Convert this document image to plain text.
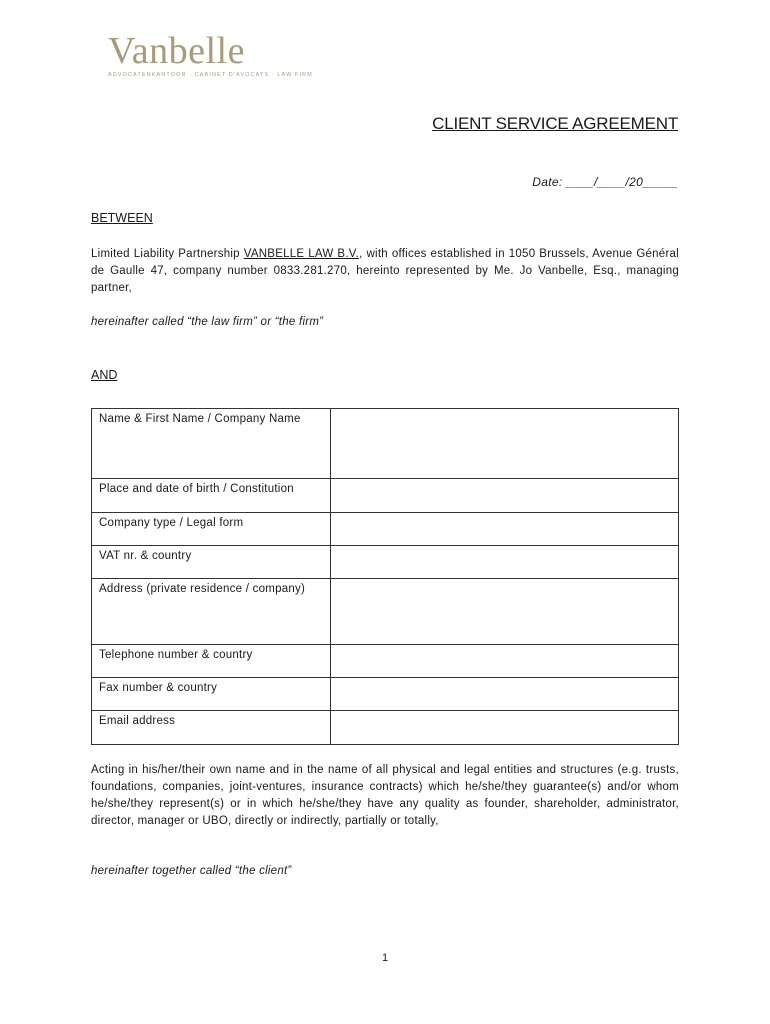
Vanbelle
ADVOCATENKANTOOR · CABINET D'AVOCATS · LAW FIRM
CLIENT SERVICE AGREEMENT
Date: ____/____/20_____
BETWEEN
Limited Liability Partnership VANBELLE LAW B.V., with offices established in 1050 Brussels, Avenue Général de Gaulle 47, company number 0833.281.270, hereinto represented by Me. Jo Vanbelle, Esq., managing partner,
hereinafter called “the law firm” or “the firm”
AND
Name & First Name / Company Name	
Place and date of birth / Constitution	
Company type / Legal form	
VAT nr. & country	
Address (private residence / company)	
Telephone number & country	
Fax number & country	
Email address	
Acting in his/her/their own name and in the name of all physical and legal entities and structures (e.g. trusts, foundations, companies, joint-ventures, insurance contracts) which he/she/they guarantee(s) and/or whom he/she/they represent(s) or in which he/she/they have any quality as founder, shareholder, administrator, director, manager or UBO, directly or indirectly, partially or totally,
hereinafter together called “the client”
1
